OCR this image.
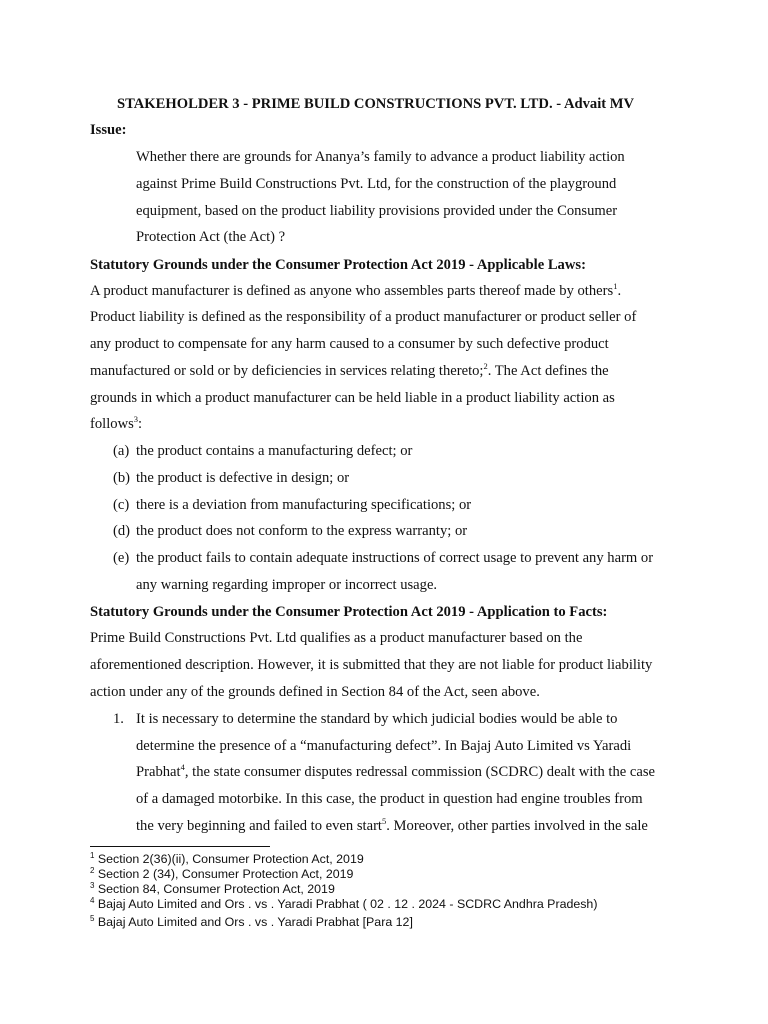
STAKEHOLDER 3 - PRIME BUILD CONSTRUCTIONS PVT. LTD. - Advait MV
Issue:
Whether there are grounds for Ananya’s family to advance a product liability action
against Prime Build Constructions Pvt. Ltd, for the construction of the playground
equipment, based on the product liability provisions provided under the Consumer
Protection Act (the Act) ?
Statutory Grounds under the Consumer Protection Act 2019 - Applicable Laws:
A product manufacturer is defined as anyone who assembles parts thereof made by others$^1$.
Product liability is defined as the responsibility of a product manufacturer or product seller of
any product to compensate for any harm caused to a consumer by such defective product
manufactured or sold or by deficiencies in services relating thereto;$^2$. The Act defines the
grounds in which a product manufacturer can be held liable in a product liability action as
follows$^3$:
(a) the product contains a manufacturing defect; or
(b) the product is defective in design; or
(c) there is a deviation from manufacturing specifications; or
(d) the product does not conform to the express warranty; or
(e) the product fails to contain adequate instructions of correct usage to prevent any harm or
any warning regarding improper or incorrect usage.
Statutory Grounds under the Consumer Protection Act 2019 - Application to Facts:
Prime Build Constructions Pvt. Ltd qualifies as a product manufacturer based on the
aforementioned description. However, it is submitted that they are not liable for product liability
action under any of the grounds defined in Section 84 of the Act, seen above.
1. It is necessary to determine the standard by which judicial bodies would be able to
determine the presence of a “manufacturing defect”. In Bajaj Auto Limited vs Yaradi
Prabhat$^4$, the state consumer disputes redressal commission (SCDRC) dealt with the case
of a damaged motorbike. In this case, the product in question had engine troubles from
the very beginning and failed to even start$^5$. Moreover, other parties involved in the sale
$^1$ Section 2(36)(ii), Consumer Protection Act, 2019
$^2$ Section 2 (34), Consumer Protection Act, 2019
$^3$ Section 84, Consumer Protection Act, 2019
$^4$ Bajaj Auto Limited and Ors . vs . Yaradi Prabhat ( 02 . 12 . 2024 - SCDRC Andhra Pradesh)
$^5$ Bajaj Auto Limited and Ors . vs . Yaradi Prabhat [Para 12]
